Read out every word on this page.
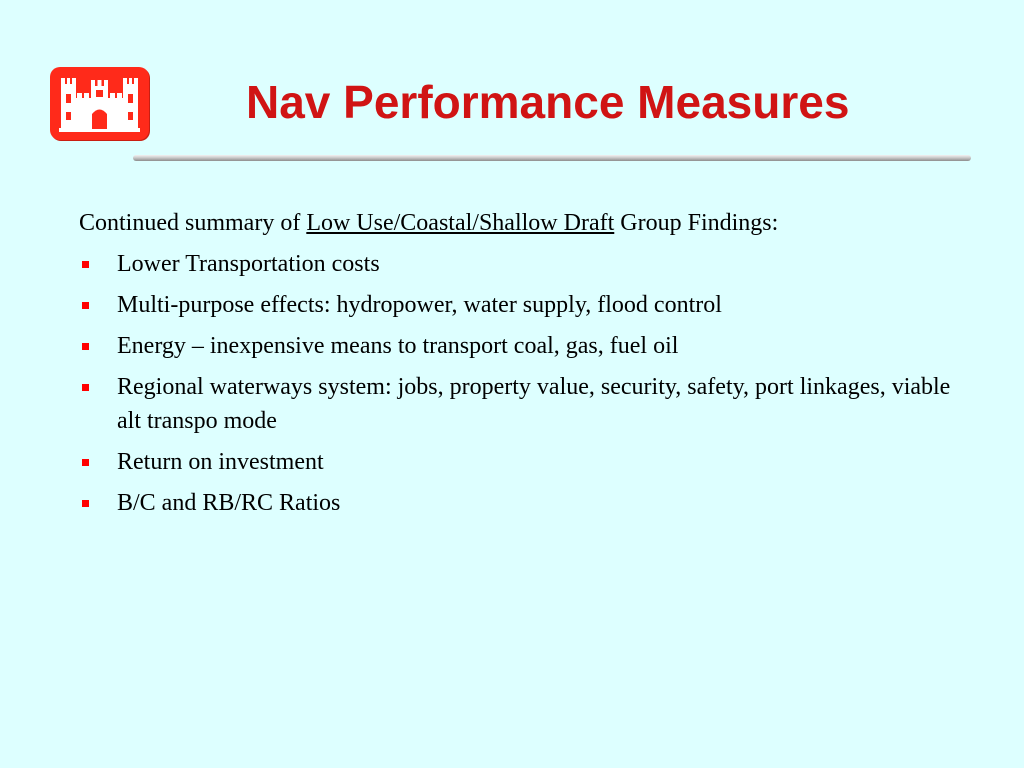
Nav Performance Measures

Continued summary of Low Use/Coastal/Shallow Draft Group Findings:

Lower Transportation costs
Multi-purpose effects: hydropower, water supply, flood control
Energy – inexpensive means to transport coal, gas, fuel oil
Regional waterways system: jobs, property value, security, safety, port linkages, viable alt transpo mode
Return on investment
B/C and RB/RC Ratios
